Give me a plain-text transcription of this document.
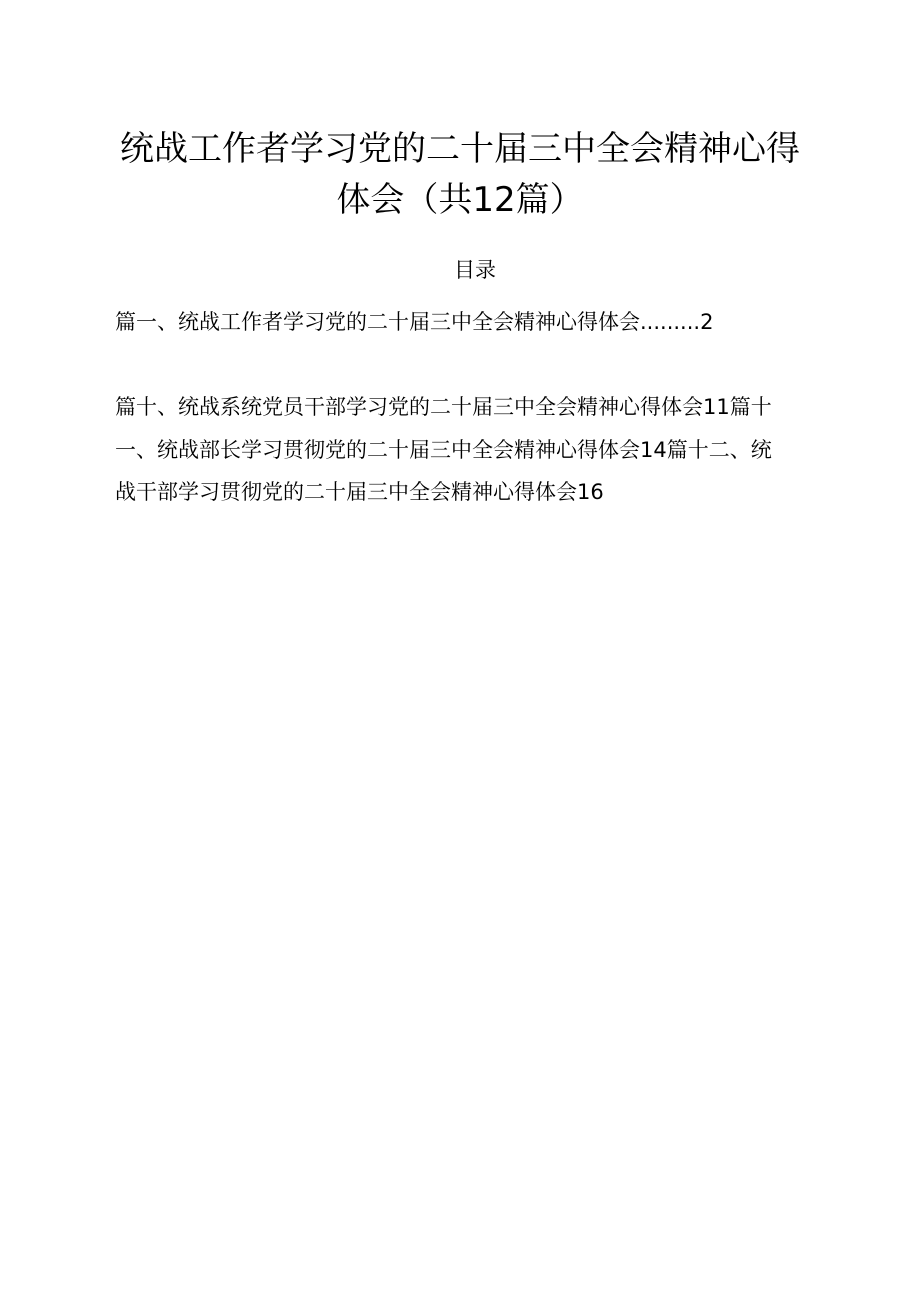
统战工作者学习党的二十届三中全会精神心得
体会（共12篇）
目录
篇一、统战工作者学习党的二十届三中全会精神心得体会.........2
篇十、统战系统党员干部学习党的二十届三中全会精神心得体会11篇十
一、统战部长学习贯彻党的二十届三中全会精神心得体会14篇十二、统
战干部学习贯彻党的二十届三中全会精神心得体会16
